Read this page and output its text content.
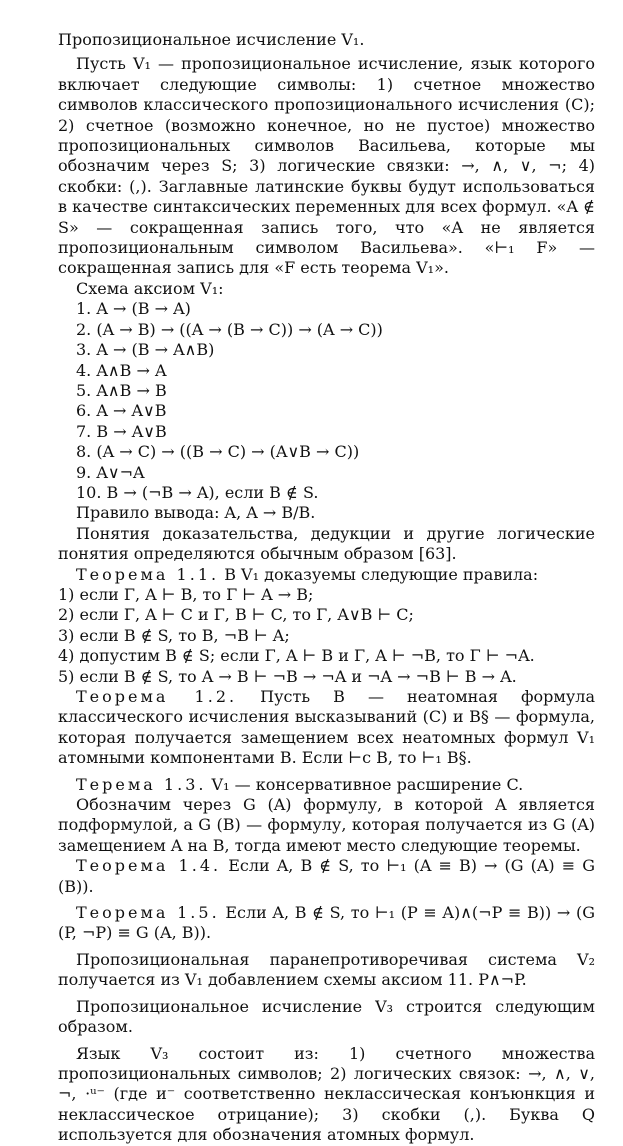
Пропозициональное исчисление V₁.

Пусть V₁ — пропозициональное исчисление, язык которого включает следующие символы: 1) счетное множество символов классического пропозиционального исчисления (C); 2) счетное (возможно конечное, но не пустое) множество пропозициональных символов Васильева, которые мы обозначим через S; 3) логические связки: →, ∧, ∨, ¬; 4) скобки: (,). Заглавные латинские буквы будут использоваться в качестве синтаксических переменных для всех формул. «A ∉ S» — сокращенная запись того, что «A не является пропозициональным символом Васильева». «⊢₁ F» — сокращенная запись для «F есть теорема V₁».

Схема аксиом V₁:

1. A → (B → A)
2. (A → B) → ((A → (B → C)) → (A → C))
3. A → (B → A∧B)
4. A∧B → A
5. A∧B → B
6. A → A∨B
7. B → A∨B
8. (A → C) → ((B → C) → (A∨B → C))
9. A∨¬A
10. B → (¬B → A), если B ∉ S.

Правило вывода: A, A → B/B.

Понятия доказательства, дедукции и другие логические понятия определяются обычным образом [63].

Теорема 1.1. В V₁ доказуемы следующие правила:

1) если Γ, A ⊢ B, то Γ ⊢ A → B;
2) если Γ, A ⊢ C и Γ, B ⊢ C, то Γ, A∨B ⊢ C;
3) если B ∉ S, то B, ¬B ⊢ A;
4) допустим B ∉ S; если Γ, A ⊢ B и Γ, A ⊢ ¬B, то Γ ⊢ ¬A.
5) если B ∉ S, то A → B ⊢ ¬B → ¬A и ¬A → ¬B ⊢ B → A.

Теорема 1.2. Пусть B — неатомная формула классического исчисления высказываний (C) и B§ — формула, которая получается замещением всех неатомных формул V₁ атомными компонентами B. Если ⊢c B, то ⊢₁ B§.

Терема 1.3. V₁ — консервативное расширение C.

Обозначим через G (A) формулу, в которой A является подформулой, а G (B) — формулу, которая получается из G (A) замещением A на B, тогда имеют место следующие теоремы.

Теорема 1.4. Если A, B ∉ S, то ⊢₁ (A ≡ B) → (G (A) ≡ G (B)).

Теорема 1.5. Если A, B ∉ S, то ⊢₁ (P ≡ A)∧(¬P ≡ B)) → (G (P, ¬P) ≡ G (A, B)).

Пропозициональная паранепротиворечивая система V₂ получается из V₁ добавлением схемы аксиом 11. P∧¬P.

Пропозициональное исчисление V₃ строится следующим образом.

Язык V₃ состоит из: 1) счетного множества пропозициональных символов; 2) логических связок: →, ∧, ∨, ¬, ·ᵘ⁻ (где и⁻ соответственно неклассическая конъюнкция и неклассическое отрицание); 3) скобки (,). Буква Q используется для обозначения атомных формул.
